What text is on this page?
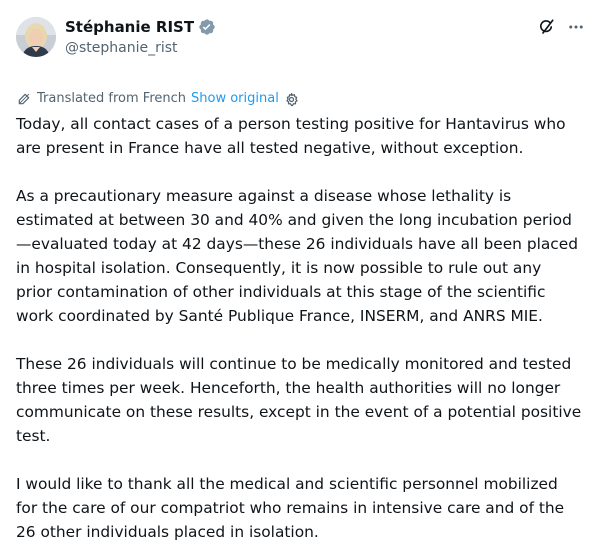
Stéphanie RIST
@stephanie_rist
Translated from French Show original

Today, all contact cases of a person testing positive for Hantavirus who
are present in France have all tested negative, without exception.

As a precautionary measure against a disease whose lethality is
estimated at between 30 and 40% and given the long incubation period
—evaluated today at 42 days—these 26 individuals have all been placed
in hospital isolation. Consequently, it is now possible to rule out any
prior contamination of other individuals at this stage of the scientific
work coordinated by Santé Publique France, INSERM, and ANRS MIE.

These 26 individuals will continue to be medically monitored and tested
three times per week. Henceforth, the health authorities will no longer
communicate on these results, except in the event of a potential positive
test.

I would like to thank all the medical and scientific personnel mobilized
for the care of our compatriot who remains in intensive care and of the
26 other individuals placed in isolation.
